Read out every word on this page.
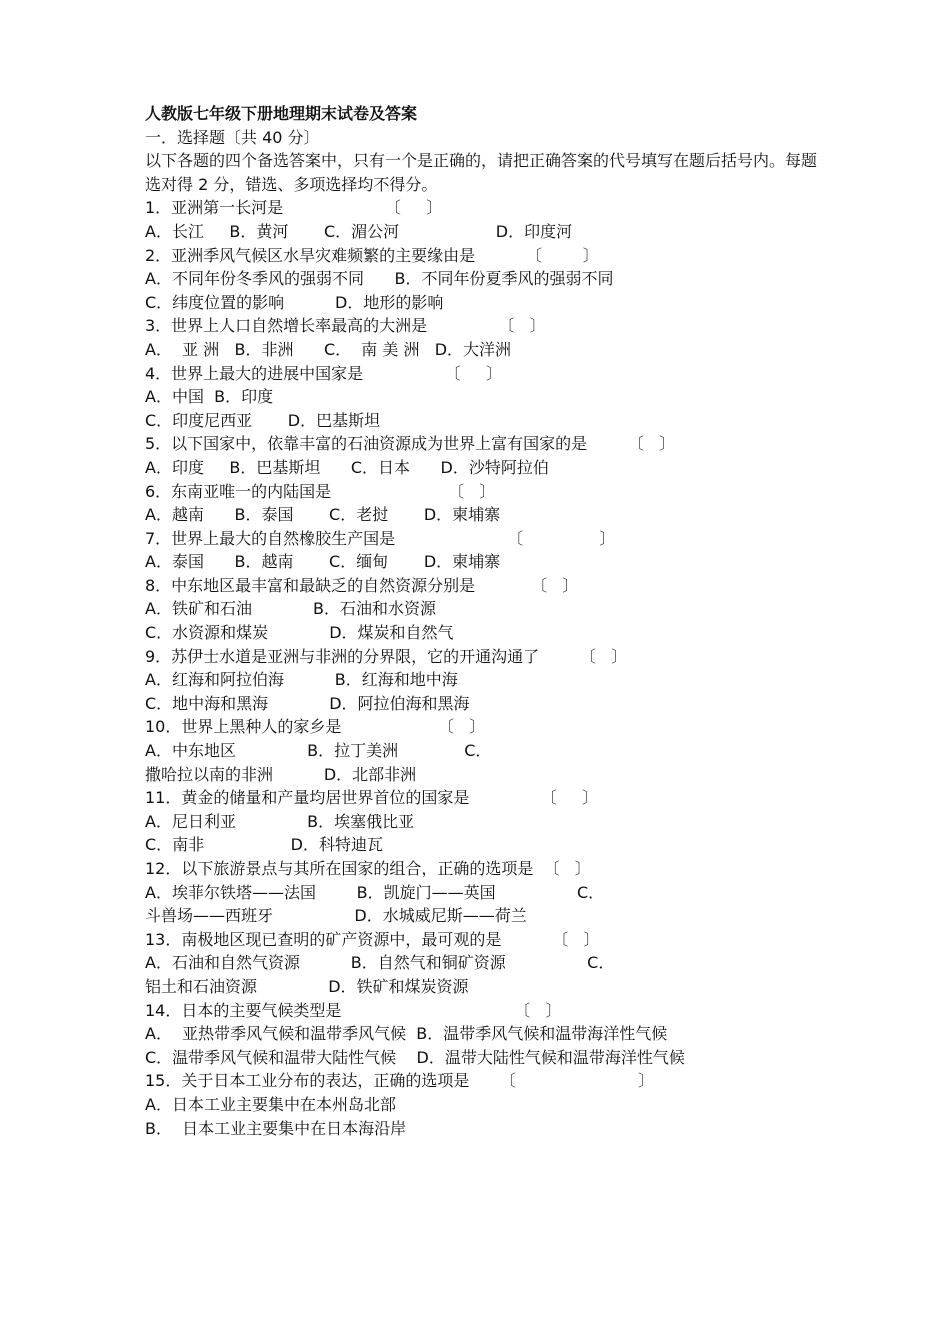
人教版七年级下册地理期末试卷及答案
一．选择题〔共 40 分〕
以下各题的四个备选答案中，只有一个是正确的，请把正确答案的代号填写在题后括号内。每题选对得 2 分，错选、多项选择均不得分。
1．亚洲第一长河是                    〔     〕
A．长江     B．黄河       C．湄公河                   D．印度河
2．亚洲季风气候区水旱灾难频繁的主要缘由是          〔        〕
A．不同年份冬季风的强弱不同      B．不同年份夏季风的强弱不同
C．纬度位置的影响          D．地形的影响
3．世界上人口自然增长率最高的大洲是              〔   〕
A．  亚 洲   B．非洲      C．  南 美 洲   D．大洋洲
4．世界上最大的进展中国家是                〔     〕
A．中国  B．印度
C．印度尼西亚       D．巴基斯坦
5．以下国家中，依靠丰富的石油资源成为世界上富有国家的是        〔   〕
A．印度     B．巴基斯坦      C．日本      D．沙特阿拉伯
6．东南亚唯一的内陆国是                       〔   〕
A．越南      B．泰国       C．老挝       D．柬埔寨
7．世界上最大的自然橡胶生产国是                      〔               〕
A．泰国      B．越南       C．缅甸       D．柬埔寨
8．中东地区最丰富和最缺乏的自然资源分别是           〔   〕
A．铁矿和石油            B．石油和水资源
C．水资源和煤炭            D．煤炭和自然气
9．苏伊士水道是亚洲与非洲的分界限，它的开通沟通了        〔   〕
A．红海和阿拉伯海          B．红海和地中海
C．地中海和黑海            D．阿拉伯海和黑海
10．世界上黑种人的家乡是                   〔   〕
A．中东地区              B．拉丁美洲             C．
撒哈拉以南的非洲          D．北部非洲
11．黄金的储量和产量均居世界首位的国家是              〔     〕
A．尼日利亚              B．埃塞俄比亚
C．南非                 D．科特迪瓦
12．以下旅游景点与其所在国家的组合，正确的选项是  〔   〕
A．埃菲尔铁塔——法国        B．凯旋门——英国                C．
斗兽场——西班牙                D．水城威尼斯——荷兰
13．南极地区现已查明的矿产资源中，最可观的是          〔   〕
A．石油和自然气资源          B．自然气和铜矿资源                C．
铝土和石油资源              D．铁矿和煤炭资源
14．日本的主要气候类型是                                  〔   〕
A．  亚热带季风气候和温带季风气候  B．温带季风气候和温带海洋性气候
C．温带季风气候和温带大陆性气候    D．温带大陆性气候和温带海洋性气候
15．关于日本工业分布的表达，正确的选项是      〔                        〕
A．日本工业主要集中在本州岛北部
B．  日本工业主要集中在日本海沿岸
